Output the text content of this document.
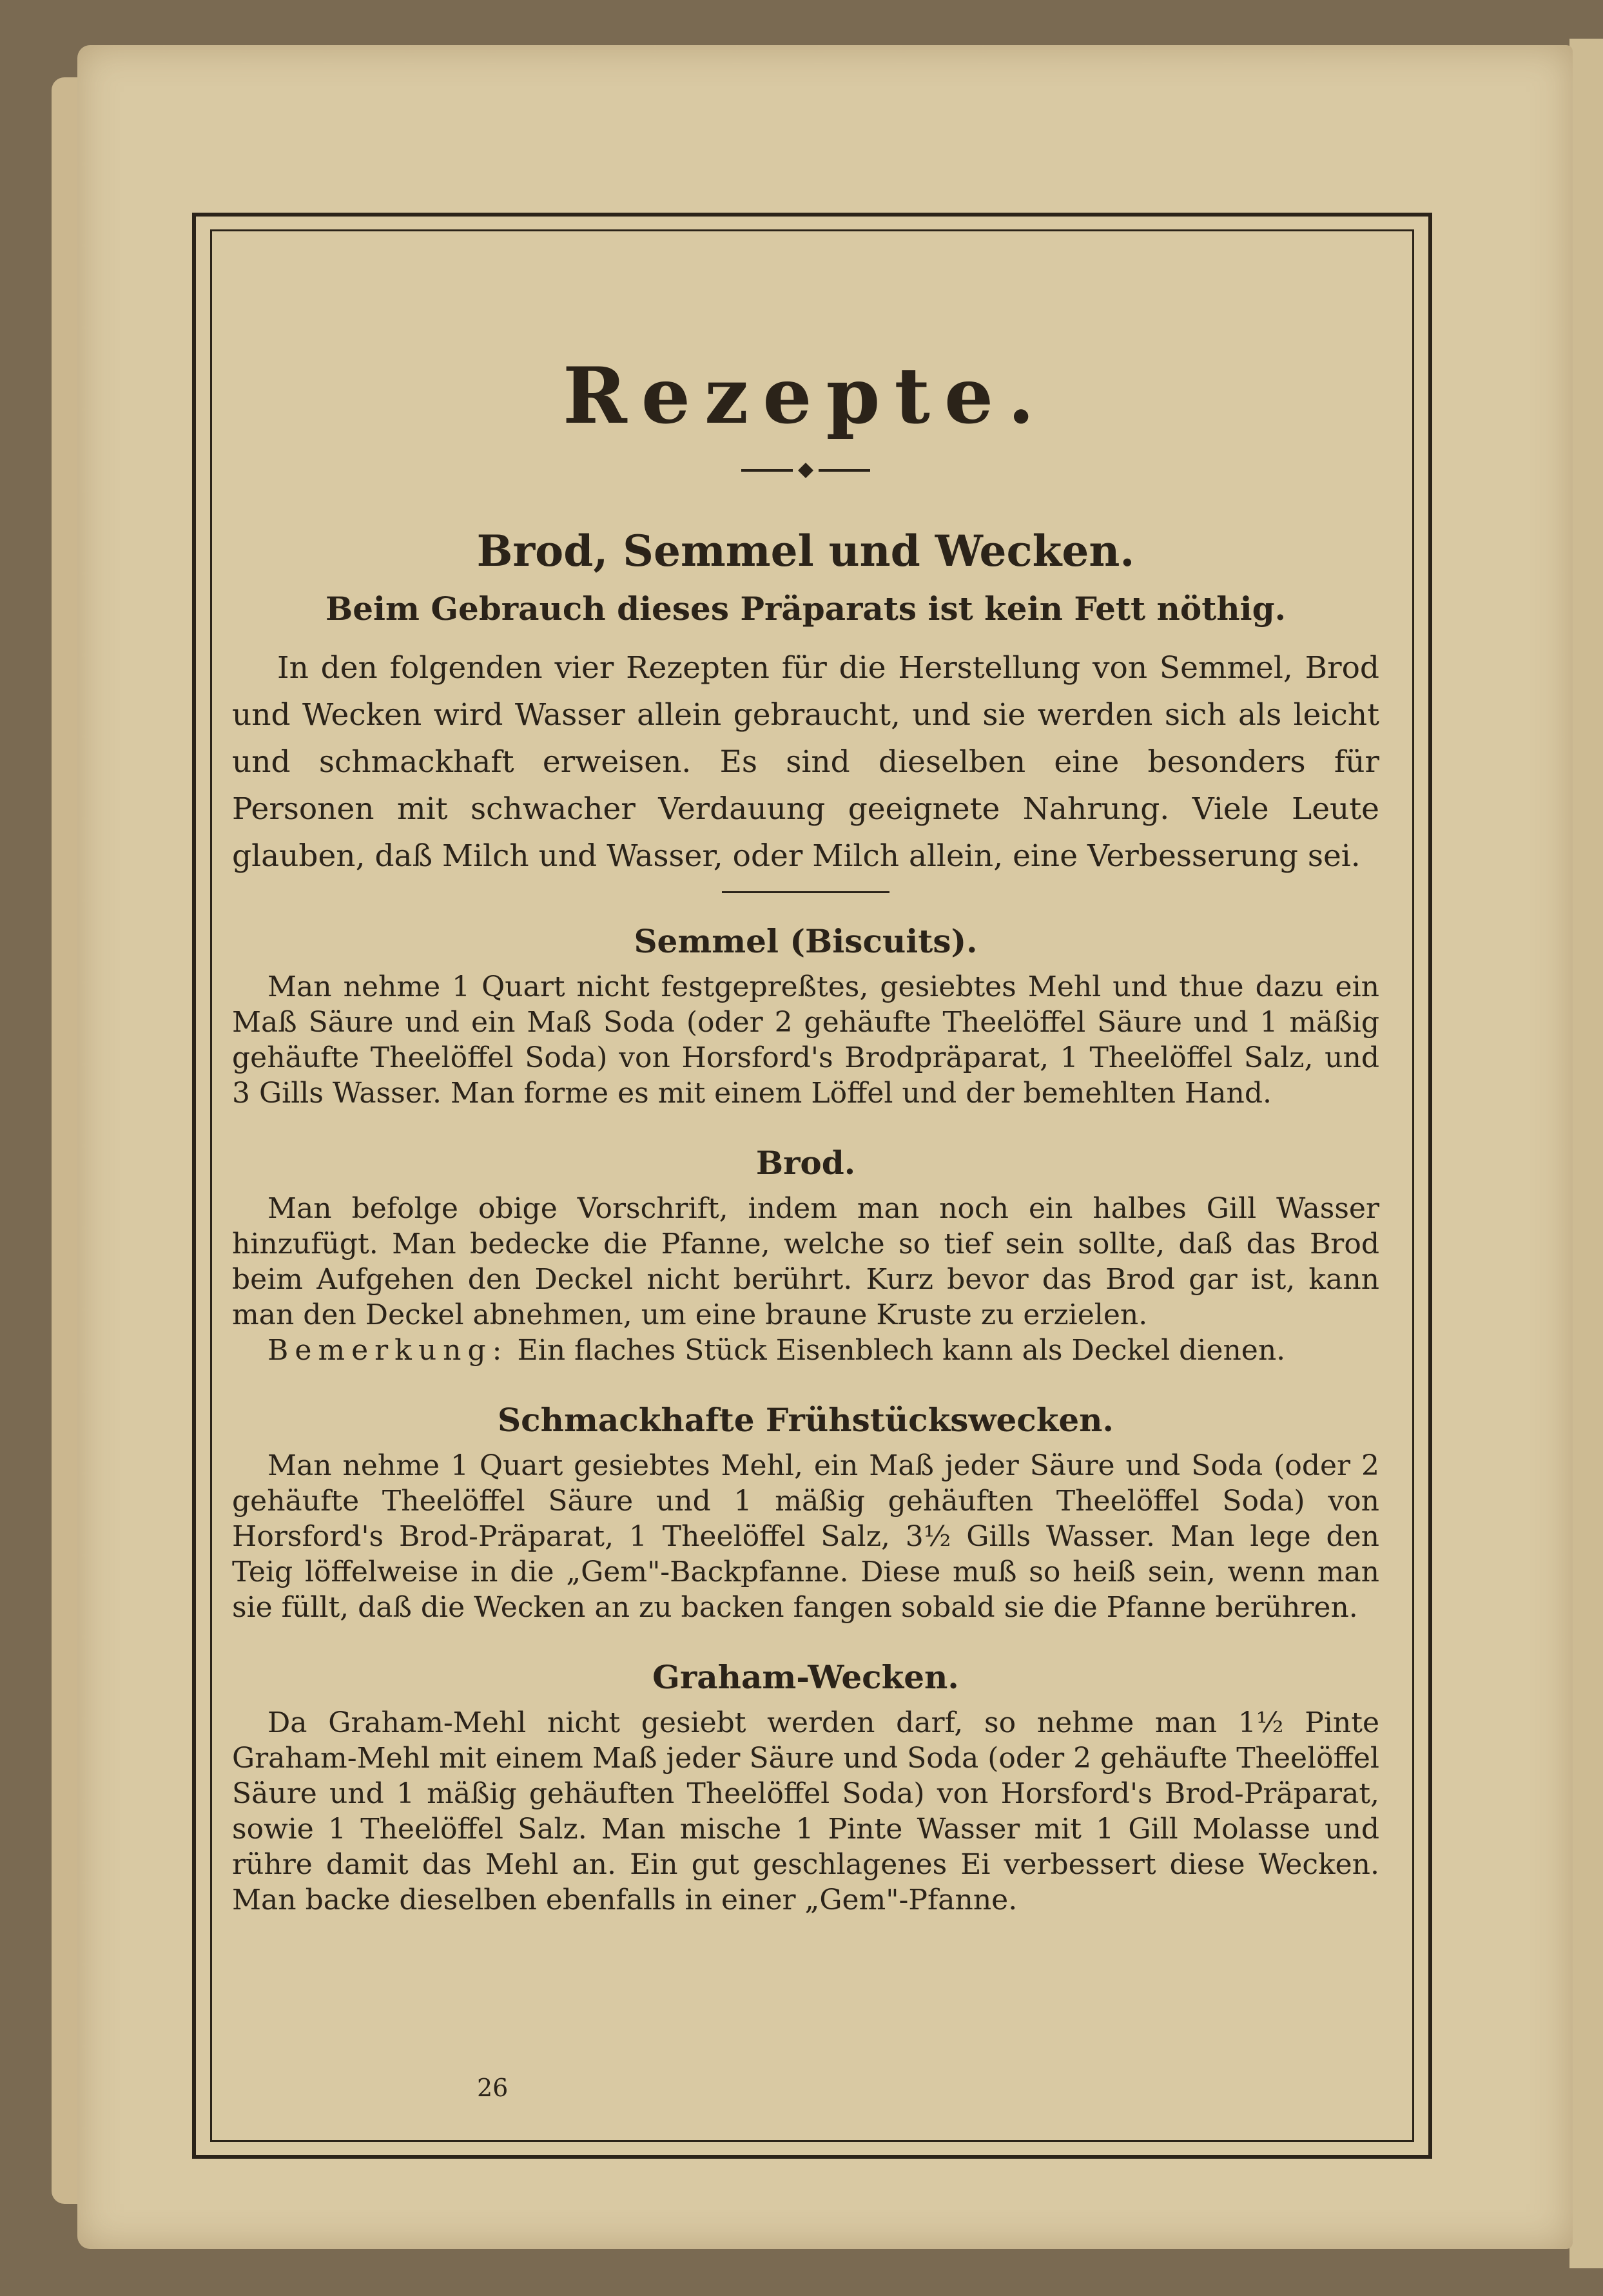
Rezepte.
Brod, Semmel und Wecken.

Beim Gebrauch dieses Präparats ist kein Fett nöthig.

In den folgenden vier Rezepten für die Herstellung von Semmel, Brod und Wecken wird Wasser allein gebraucht, und sie werden sich als leicht und schmackhaft erweisen. Es sind dieselben eine besonders für Personen mit schwacher Verdauung geeignete Nahrung. Viele Leute glauben, daß Milch und Wasser, oder Milch allein, eine Verbesserung sei.

Semmel (Biscuits).

Man nehme 1 Quart nicht festgepreßtes, gesiebtes Mehl und thue dazu ein Maß Säure und ein Maß Soda (oder 2 gehäufte Theelöffel Säure und 1 mäßig gehäufte Theelöffel Soda) von Horsford's Brodpräparat, 1 Theelöffel Salz, und 3 Gills Wasser. Man forme es mit einem Löffel und der bemehlten Hand.

Brod.

Man befolge obige Vorschrift, indem man noch ein halbes Gill Wasser hinzufügt. Man bedecke die Pfanne, welche so tief sein sollte, daß das Brod beim Aufgehen den Deckel nicht berührt. Kurz bevor das Brod gar ist, kann man den Deckel abnehmen, um eine braune Kruste zu erzielen.

Bemerkung: Ein flaches Stück Eisenblech kann als Deckel dienen.

Schmackhafte Frühstückswecken.

Man nehme 1 Quart gesiebtes Mehl, ein Maß jeder Säure und Soda (oder 2 gehäufte Theelöffel Säure und 1 mäßig gehäuften Theelöffel Soda) von Horsford's Brod-Präparat, 1 Theelöffel Salz, 3½ Gills Wasser. Man lege den Teig löffelweise in die „Gem"-Backpfanne. Diese muß so heiß sein, wenn man sie füllt, daß die Wecken an zu backen fangen sobald sie die Pfanne berühren.

Graham-Wecken.

Da Graham-Mehl nicht gesiebt werden darf, so nehme man 1½ Pinte Graham-Mehl mit einem Maß jeder Säure und Soda (oder 2 gehäufte Theelöffel Säure und 1 mäßig gehäuften Theelöffel Soda) von Horsford's Brod-Präparat, sowie 1 Theelöffel Salz. Man mische 1 Pinte Wasser mit 1 Gill Molasse und rühre damit das Mehl an. Ein gut geschlagenes Ei verbessert diese Wecken. Man backe dieselben ebenfalls in einer „Gem"-Pfanne.

26
